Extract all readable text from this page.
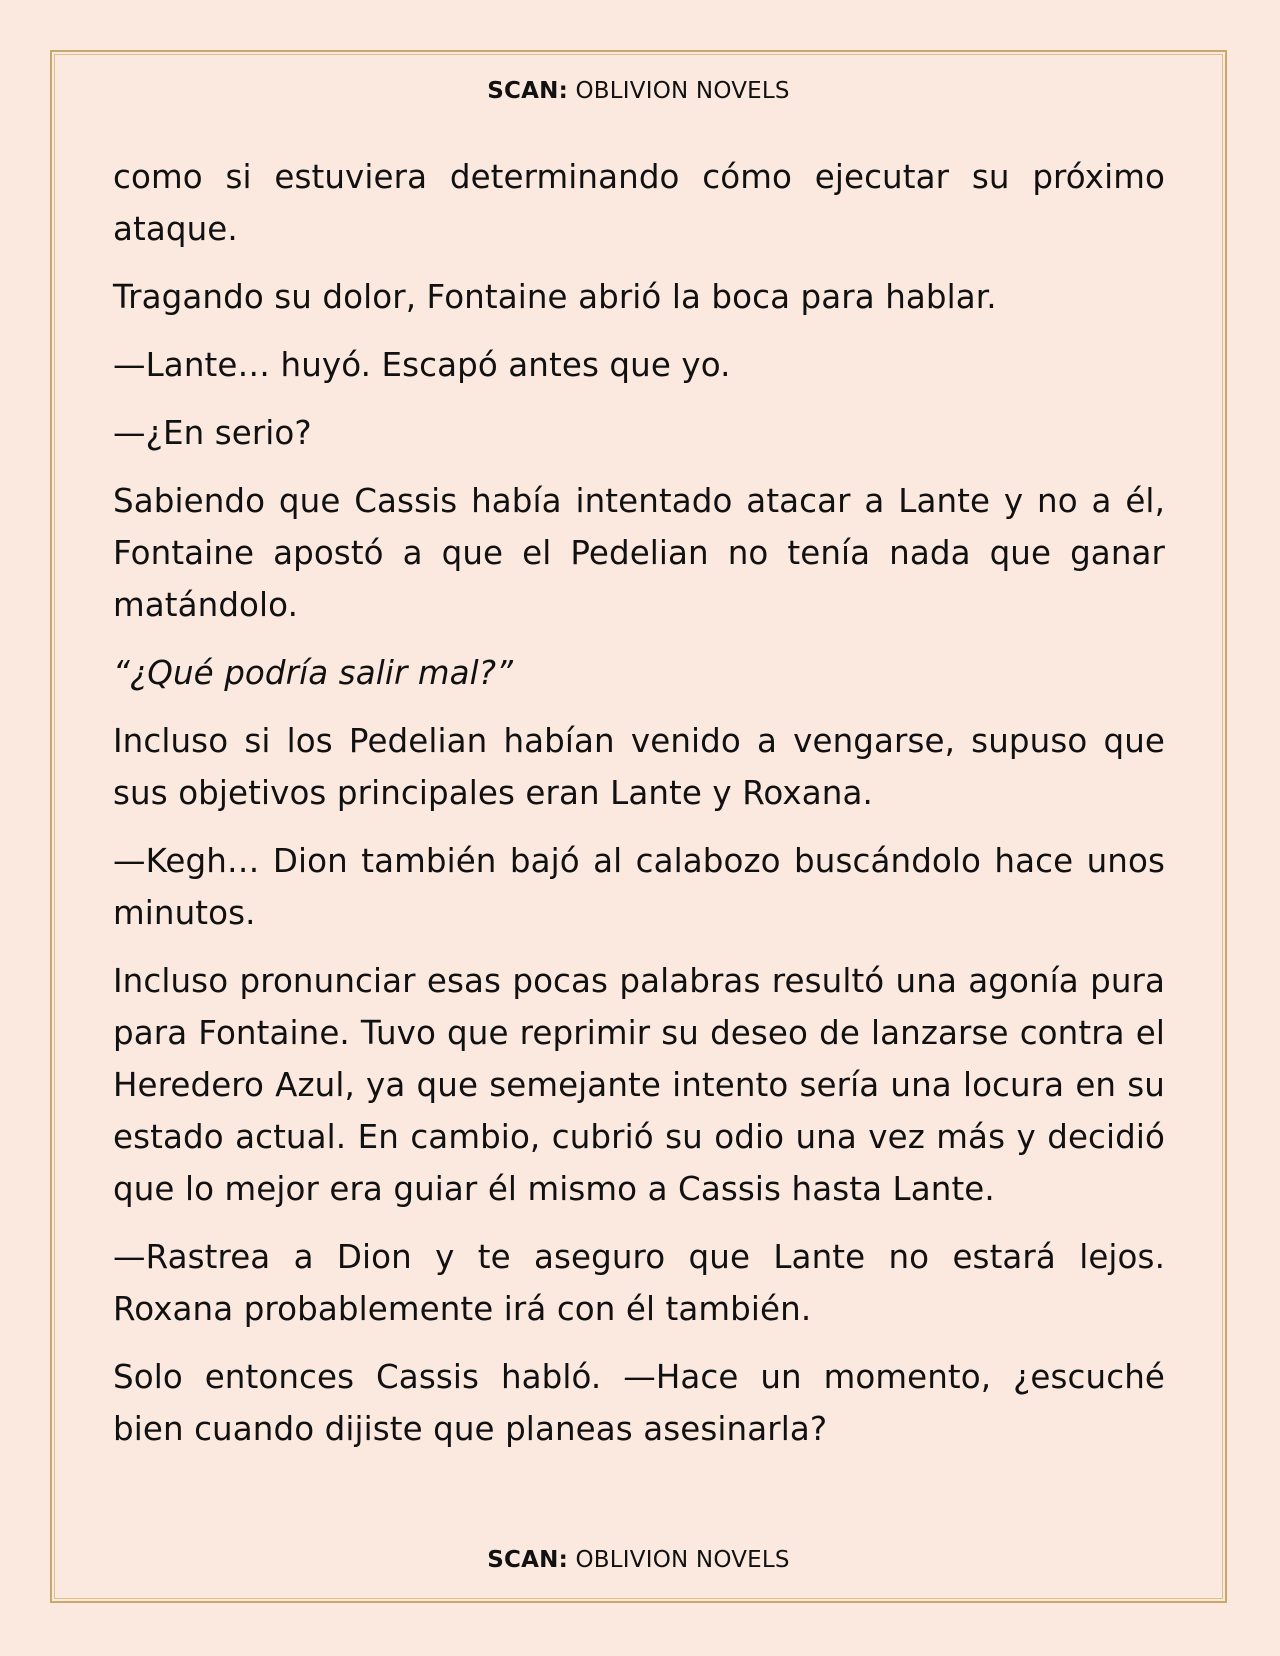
SCAN: OBLIVION NOVELS

como si estuviera determinando cómo ejecutar su próximo ataque.

Tragando su dolor, Fontaine abrió la boca para hablar.

—Lante… huyó. Escapó antes que yo.

—¿En serio?

Sabiendo que Cassis había intentado atacar a Lante y no a él, Fontaine apostó a que el Pedelian no tenía nada que ganar matándolo.

“¿Qué podría salir mal?”

Incluso si los Pedelian habían venido a vengarse, supuso que sus objetivos principales eran Lante y Roxana.

—Kegh… Dion también bajó al calabozo buscándolo hace unos minutos.

Incluso pronunciar esas pocas palabras resultó una agonía pura para Fontaine. Tuvo que reprimir su deseo de lanzarse contra el Heredero Azul, ya que semejante intento sería una locura en su estado actual. En cambio, cubrió su odio una vez más y decidió que lo mejor era guiar él mismo a Cassis hasta Lante.

—Rastrea a Dion y te aseguro que Lante no estará lejos. Roxana probablemente irá con él también.

Solo entonces Cassis habló. —Hace un momento, ¿escuché bien cuando dijiste que planeas asesinarla?

SCAN: OBLIVION NOVELS
